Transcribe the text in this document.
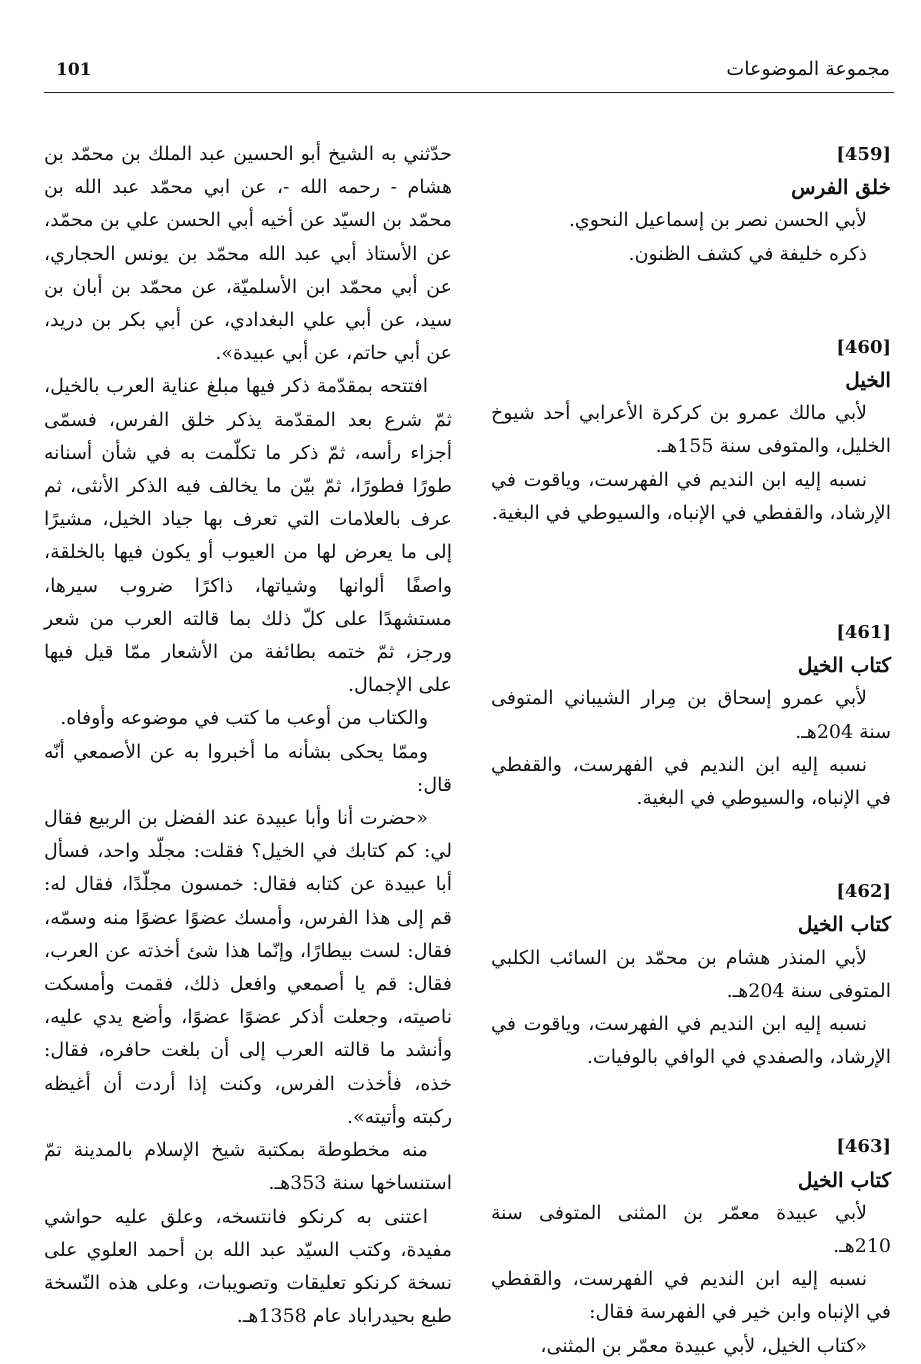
101	مجموعة الموضوعات
[459]
خلق الفرس

لأبي الحسن نصر بن إسماعيل النحوي.

ذكره خليفة في كشف الظنون.

[460]
الخيل

لأبي مالك عمرو بن كركرة الأعرابي أحد شيوخ الخليل، والمتوفى سنة 155هـ.

نسبه إليه ابن النديم في الفهرست، وياقوت في الإرشاد، والقفطي في الإنباه، والسيوطي في البغية.

[461]
كتاب الخيل

لأبي عمرو إسحاق بن مِرار الشيباني المتوفى سنة 204هـ.

نسبه إليه ابن النديم في الفهرست، والقفطي في الإنباه، والسيوطي في البغية.

[462]
كتاب الخيل

لأبي المنذر هشام بن محمّد بن السائب الكلبي المتوفى سنة 204هـ.

نسبه إليه ابن النديم في الفهرست، وياقوت في الإرشاد، والصفدي في الوافي بالوفيات.

[463]
كتاب الخيل

لأبي عبيدة معمّر بن المثنى المتوفى سنة 210هـ.

نسبه إليه ابن النديم في الفهرست، والقفطي في الإنباه وابن خير في الفهرسة فقال:

«كتاب الخيل، لأبي عبيدة معمّر بن المثنى،

حدّثني به الشيخ أبو الحسين عبد الملك بن محمّد بن هشام - رحمه الله -، عن ابي محمّد عبد الله بن محمّد بن السيّد عن أخيه أبي الحسن علي بن محمّد، عن الأستاذ أبي عبد الله محمّد بن يونس الحجاري، عن أبي محمّد ابن الأسلميّة، عن محمّد بن أبان بن سيد، عن أبي علي البغدادي، عن أبي بكر بن دريد، عن أبي حاتم، عن أبي عبيدة».

افتتحه بمقدّمة ذكر فيها مبلغ عناية العرب بالخيل، ثمّ شرع بعد المقدّمة يذكر خلق الفرس، فسمّى أجزاء رأسه، ثمّ ذكر ما تكلّمت به في شأن أسنانه طورًا فطورًا، ثمّ بيّن ما يخالف فيه الذكر الأنثى، ثم عرف بالعلامات التي تعرف بها جياد الخيل، مشيرًا إلى ما يعرض لها من العيوب أو يكون فيها بالخلقة، واصفًا ألوانها وشياتها، ذاكرًا ضروب سيرها، مستشهدًا على كلّ ذلك بما قالته العرب من شعر ورجز، ثمّ ختمه بطائفة من الأشعار ممّا قيل فيها على الإجمال.

والكتاب من أوعب ما كتب في موضوعه وأوفاه.

وممّا يحكى بشأنه ما أخبروا به عن الأصمعي أنّه قال:

«حضرت أنا وأبا عبيدة عند الفضل بن الربيع فقال لي: كم كتابك في الخيل؟ فقلت: مجلّد واحد، فسأل أبا عبيدة عن كتابه فقال: خمسون مجلّدًا، فقال له: قم إلى هذا الفرس، وأمسك عضوًا عضوًا منه وسمّه، فقال: لست بيطارًا، وإنّما هذا شئ أخذته عن العرب، فقال: قم يا أصمعي وافعل ذلك، فقمت وأمسكت ناصيته، وجعلت أذكر عضوًا عضوًا، وأضع يدي عليه، وأنشد ما قالته العرب إلى أن بلغت حافره، فقال: خذه، فأخذت الفرس، وكنت إذا أردت أن أغيظه ركبته وأتيته».

منه مخطوطة بمكتبة شيخ الإسلام بالمدينة تمّ استنساخها سنة 353هـ.

اعتنى به كرنكو فانتسخه، وعلق عليه حواشي مفيدة، وكتب السيّد عبد الله بن أحمد العلوي على نسخة كرنكو تعليقات وتصويبات، وعلى هذه النّسخة طبع بحيدراباد عام 1358هـ.
